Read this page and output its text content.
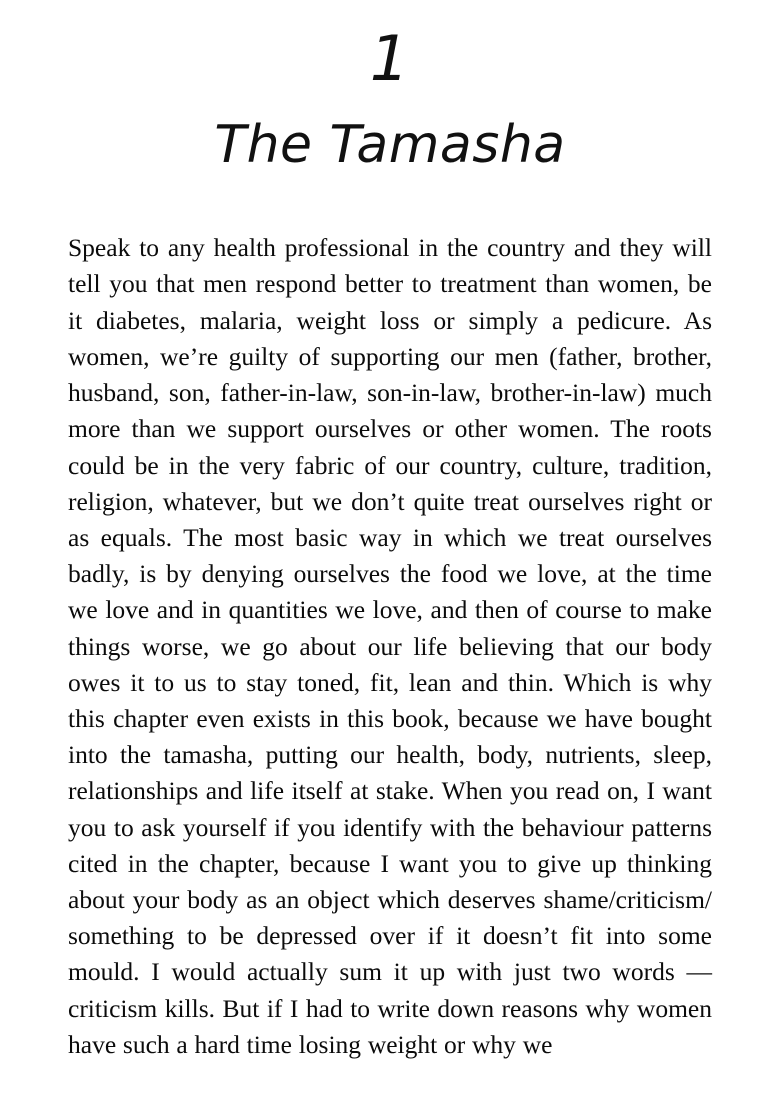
1
The Tamasha

Speak to any health professional in the country and they will tell you that men respond better to treatment than women, be it diabetes, malaria, weight loss or simply a pedicure. As women, we’re guilty of supporting our men (father, brother, husband, son, father-in-law, son-in-law, brother-in-law) much more than we support ourselves or other women. The roots could be in the very fabric of our country, culture, tradition, religion, whatever, but we don’t quite treat ourselves right or as equals. The most basic way in which we treat ourselves badly, is by denying ourselves the food we love, at the time we love and in quantities we love, and then of course to make things worse, we go about our life believing that our body owes it to us to stay toned, fit, lean and thin. Which is why this chapter even exists in this book, because we have bought into the tamasha, putting our health, body, nutrients, sleep, relationships and life itself at stake. When you read on, I want you to ask yourself if you identify with the behaviour patterns cited in the chapter, because I want you to give up thinking about your body as an object which deserves shame/criticism/ something to be depressed over if it doesn’t fit into some mould. I would actually sum it up with just two words — criticism kills. But if I had to write down reasons why women have such a hard time losing weight or why we
